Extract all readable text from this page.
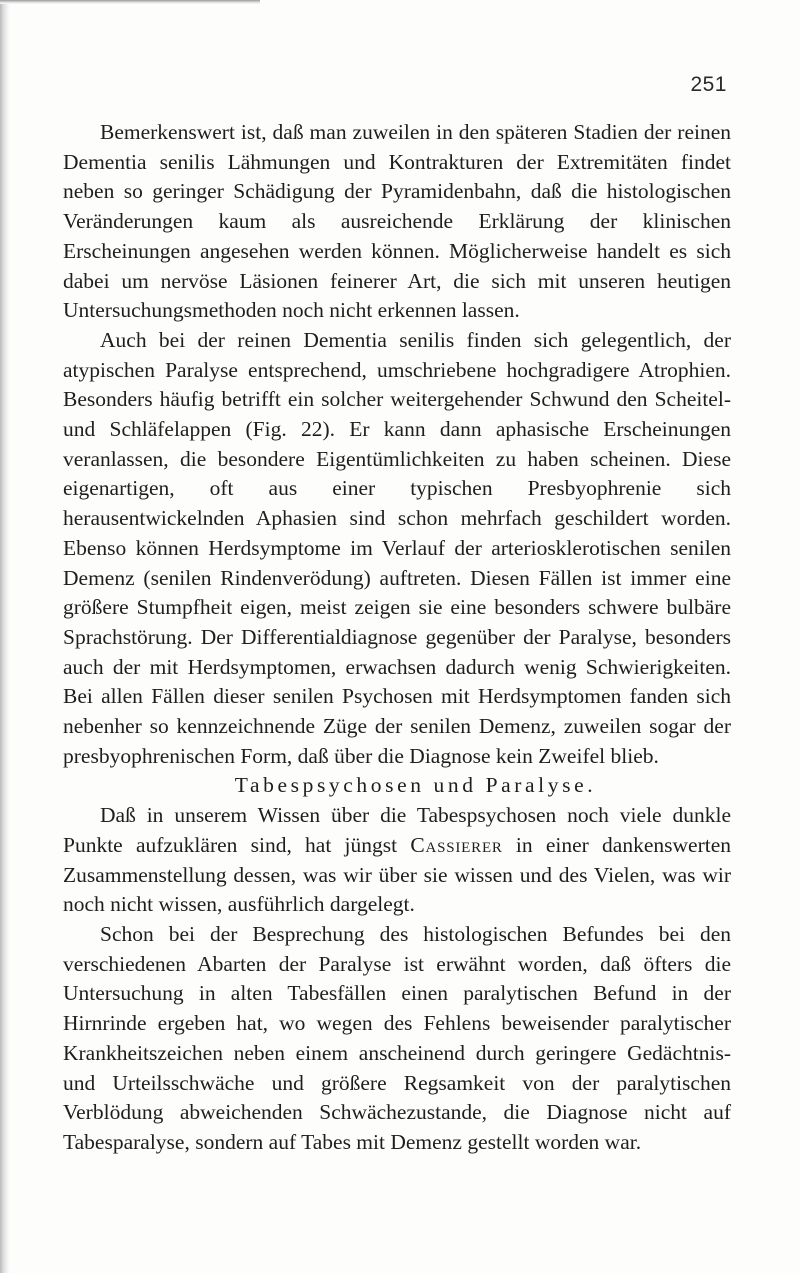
251

Bemerkenswert ist, daß man zuweilen in den späteren Stadien der reinen Dementia senilis Lähmungen und Kontrakturen der Extremitäten findet neben so geringer Schädigung der Pyramidenbahn, daß die histologischen Veränderungen kaum als ausreichende Erklärung der klinischen Erscheinungen angesehen werden können. Möglicherweise handelt es sich dabei um nervöse Läsionen feinerer Art, die sich mit unseren heutigen Untersuchungsmethoden noch nicht erkennen lassen.

Auch bei der reinen Dementia senilis finden sich gelegentlich, der atypischen Paralyse entsprechend, umschriebene hochgradigere Atrophien. Besonders häufig betrifft ein solcher weitergehender Schwund den Scheitel- und Schläfelappen (Fig. 22). Er kann dann aphasische Erscheinungen veranlassen, die besondere Eigentümlichkeiten zu haben scheinen. Diese eigenartigen, oft aus einer typischen Presbyophrenie sich herausentwickelnden Aphasien sind schon mehrfach geschildert worden. Ebenso können Herdsymptome im Verlauf der arteriosklerotischen senilen Demenz (senilen Rindenverödung) auftreten. Diesen Fällen ist immer eine größere Stumpfheit eigen, meist zeigen sie eine besonders schwere bulbäre Sprachstörung. Der Differentialdiagnose gegenüber der Paralyse, besonders auch der mit Herdsymptomen, erwachsen dadurch wenig Schwierigkeiten. Bei allen Fällen dieser senilen Psychosen mit Herdsymptomen fanden sich nebenher so kennzeichnende Züge der senilen Demenz, zuweilen sogar der presbyophrenischen Form, daß über die Diagnose kein Zweifel blieb.

Tabespsychosen und Paralyse.

Daß in unserem Wissen über die Tabespsychosen noch viele dunkle Punkte aufzuklären sind, hat jüngst Cassierer in einer dankenswerten Zusammenstellung dessen, was wir über sie wissen und des Vielen, was wir noch nicht wissen, ausführlich dargelegt.

Schon bei der Besprechung des histologischen Befundes bei den verschiedenen Abarten der Paralyse ist erwähnt worden, daß öfters die Untersuchung in alten Tabesfällen einen paralytischen Befund in der Hirnrinde ergeben hat, wo wegen des Fehlens beweisender paralytischer Krankheitszeichen neben einem anscheinend durch geringere Gedächtnis- und Urteilsschwäche und größere Regsamkeit von der paralytischen Verblödung abweichenden Schwächezustande, die Diagnose nicht auf Tabesparalyse, sondern auf Tabes mit Demenz gestellt worden war.
